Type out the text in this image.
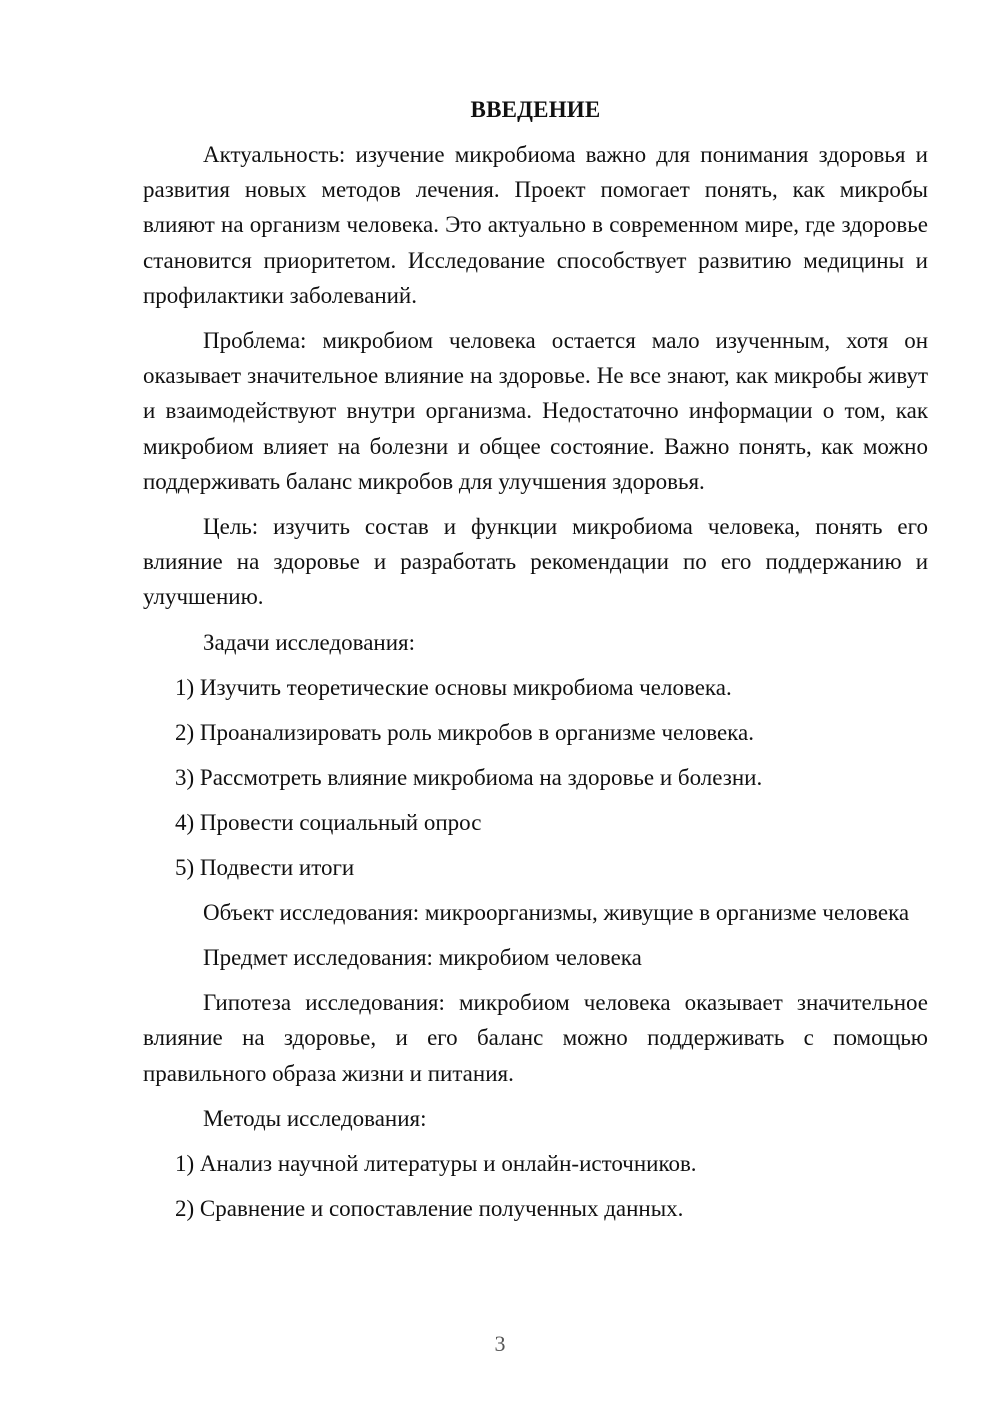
ВВЕДЕНИЕ

Актуальность: изучение микробиома важно для понимания здоровья и развития новых методов лечения. Проект помогает понять, как микробы влияют на организм человека. Это актуально в современном мире, где здоровье становится приоритетом. Исследование способствует развитию медицины и профилактики заболеваний.

Проблема: микробиом человека остается мало изученным, хотя он оказывает значительное влияние на здоровье. Не все знают, как микробы живут и взаимодействуют внутри организма. Недостаточно информации о том, как микробиом влияет на болезни и общее состояние. Важно понять, как можно поддерживать баланс микробов для улучшения здоровья.

Цель: изучить состав и функции микробиома человека, понять его влияние на здоровье и разработать рекомендации по его поддержанию и улучшению.

Задачи исследования:

1) Изучить теоретические основы микробиома человека.
2) Проанализировать роль микробов в организме человека.
3) Рассмотреть влияние микробиома на здоровье и болезни.
4) Провести социальный опрос
5) Подвести итоги

Объект исследования: микроорганизмы, живущие в организме человека

Предмет исследования: микробиом человека

Гипотеза исследования: микробиом человека оказывает значительное влияние на здоровье, и его баланс можно поддерживать с помощью правильного образа жизни и питания.

Методы исследования:

1) Анализ научной литературы и онлайн-источников.
2) Сравнение и сопоставление полученных данных.
3
